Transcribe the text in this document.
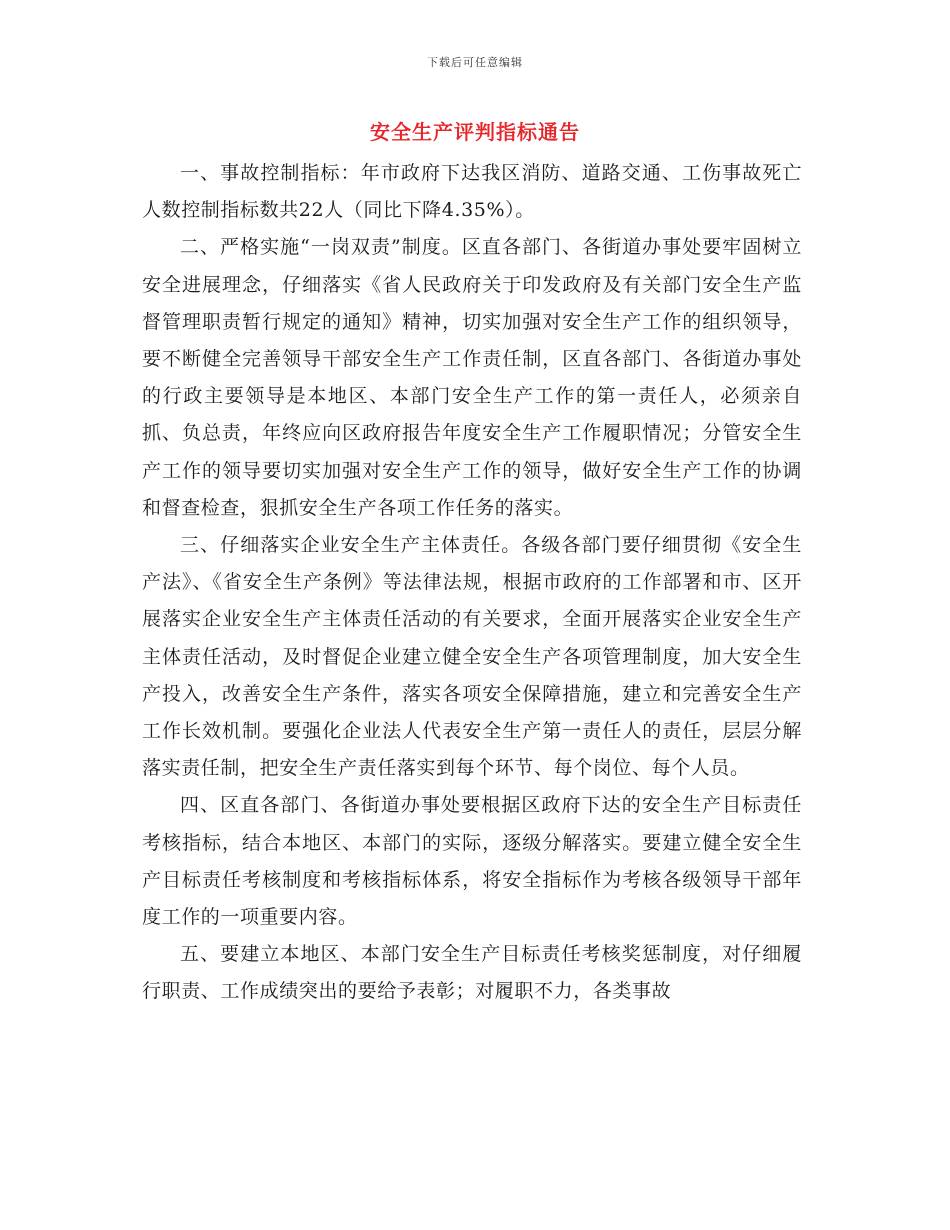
下载后可任意编辑
安全生产评判指标通告

一、事故控制指标：年市政府下达我区消防、道路交通、工伤事故死亡人数控制指标数共22人（同比下降4.35%）。

二、严格实施“一岗双责”制度。区直各部门、各街道办事处要牢固树立安全进展理念，仔细落实《省人民政府关于印发政府及有关部门安全生产监督管理职责暂行规定的通知》精神，切实加强对安全生产工作的组织领导，要不断健全完善领导干部安全生产工作责任制，区直各部门、各街道办事处的行政主要领导是本地区、本部门安全生产工作的第一责任人，必须亲自抓、负总责，年终应向区政府报告年度安全生产工作履职情况；分管安全生产工作的领导要切实加强对安全生产工作的领导，做好安全生产工作的协调和督查检查，狠抓安全生产各项工作任务的落实。

三、仔细落实企业安全生产主体责任。各级各部门要仔细贯彻《安全生产法》、《省安全生产条例》等法律法规，根据市政府的工作部署和市、区开展落实企业安全生产主体责任活动的有关要求，全面开展落实企业安全生产主体责任活动，及时督促企业建立健全安全生产各项管理制度，加大安全生产投入，改善安全生产条件，落实各项安全保障措施，建立和完善安全生产工作长效机制。要强化企业法人代表安全生产第一责任人的责任，层层分解落实责任制，把安全生产责任落实到每个环节、每个岗位、每个人员。

四、区直各部门、各街道办事处要根据区政府下达的安全生产目标责任考核指标，结合本地区、本部门的实际，逐级分解落实。要建立健全安全生产目标责任考核制度和考核指标体系，将安全指标作为考核各级领导干部年度工作的一项重要内容。

五、要建立本地区、本部门安全生产目标责任考核奖惩制度，对仔细履行职责、工作成绩突出的要给予表彰；对履职不力，各类事故
